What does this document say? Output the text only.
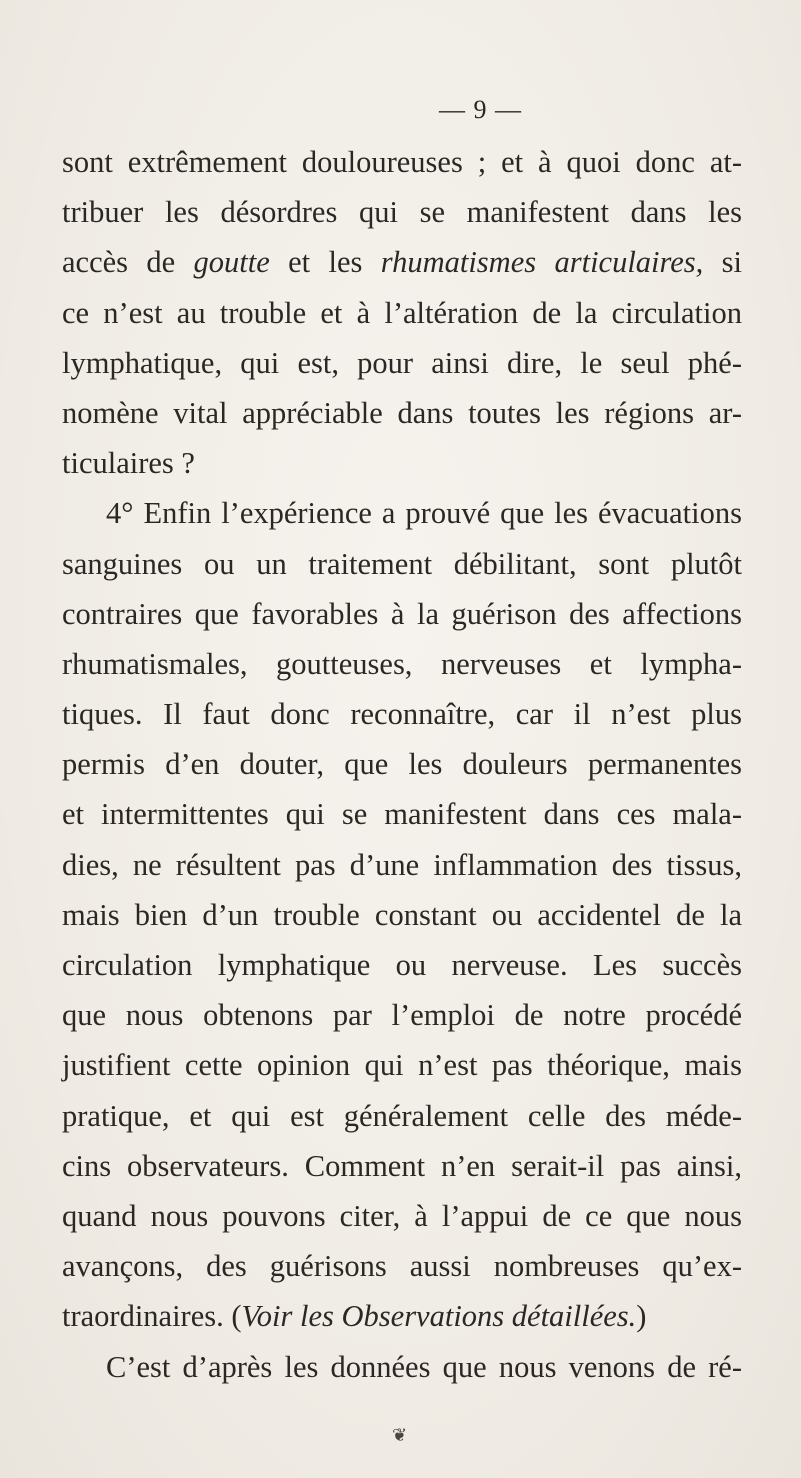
— 9 —
sont extrêmement douloureuses ; et à quoi donc at-
tribuer les désordres qui se manifestent dans les
accès de goutte et les rhumatismes articulaires, si
ce n’est au trouble et à l’altération de la circulation
lymphatique, qui est, pour ainsi dire, le seul phé-
nomène vital appréciable dans toutes les régions ar-
ticulaires ?
4° Enfin l’expérience a prouvé que les évacuations
sanguines ou un traitement débilitant, sont plutôt
contraires que favorables à la guérison des affections
rhumatismales, goutteuses, nerveuses et lympha-
tiques. Il faut donc reconnaître, car il n’est plus
permis d’en douter, que les douleurs permanentes
et intermittentes qui se manifestent dans ces mala-
dies, ne résultent pas d’une inflammation des tissus,
mais bien d’un trouble constant ou accidentel de la
circulation lymphatique ou nerveuse. Les succès
que nous obtenons par l’emploi de notre procédé
justifient cette opinion qui n’est pas théorique, mais
pratique, et qui est généralement celle des méde-
cins observateurs. Comment n’en serait-il pas ainsi,
quand nous pouvons citer, à l’appui de ce que nous
avançons, des guérisons aussi nombreuses qu’ex-
traordinaires. (Voir les Observations détaillées.)
C’est d’après les données que nous venons de ré-
❦
